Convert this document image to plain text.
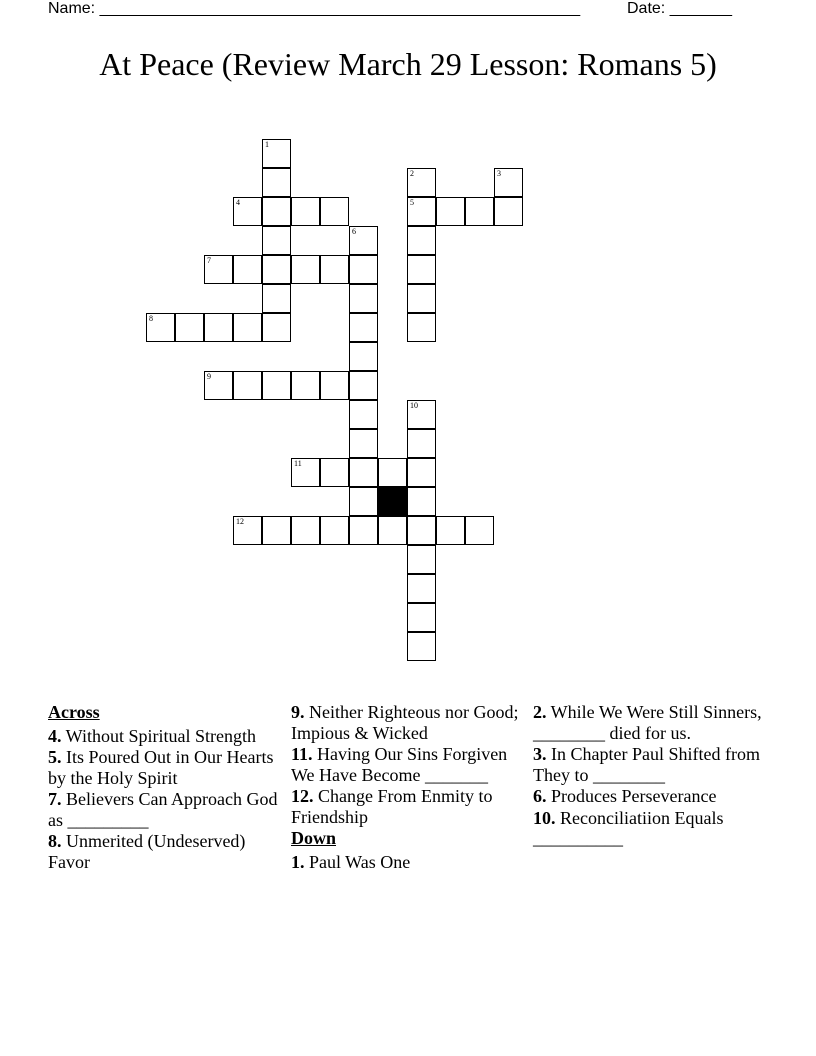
Name: ______________________________________________________	Date: _______
At Peace (Review March 29 Lesson: Romans 5)
1
4
2
5
3
6
7
8
9
10
11
12
Across
4. Without Spiritual Strength
5. Its Poured Out in Our Hearts by the Holy Spirit
7. Believers Can Approach God as _________
8. Unmerited (Undeserved) Favor
9. Neither Righteous nor Good; Impious & Wicked
11. Having Our Sins Forgiven We Have Become _______
12. Change From Enmity to Friendship
Down
1. Paul Was One
2. While We Were Still Sinners, ________ died for us.
3. In Chapter Paul Shifted from They to ________
6. Produces Perseverance
10. Reconciliatiion Equals __________
